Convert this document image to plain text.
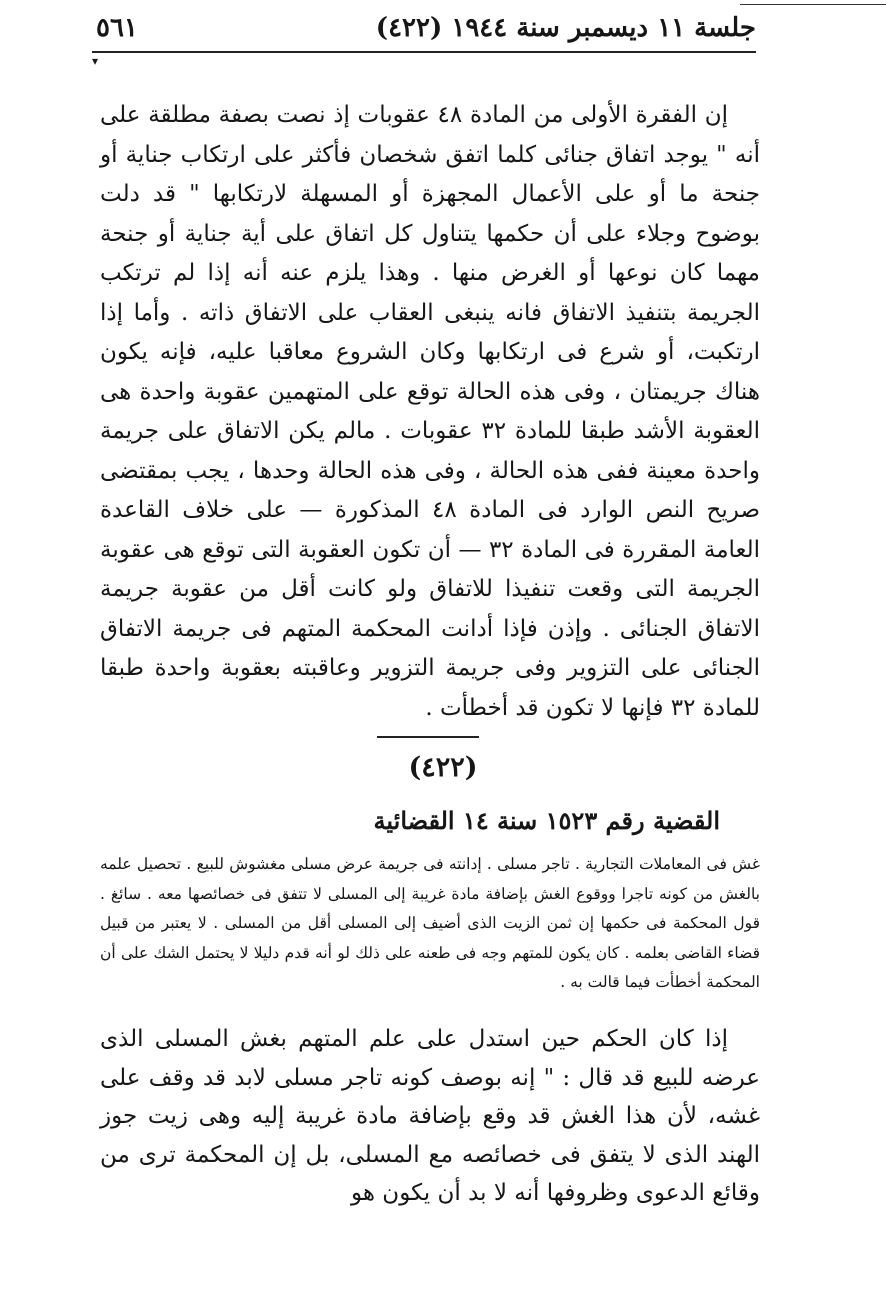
جلسة ١١ ديسمبر سنة ١٩٤٤ (٤٢٢)
٥٦١
▾

إن الفقرة الأولى من المادة ٤٨ عقوبات إذ نصت بصفة مطلقة على أنه " يوجد اتفاق جنائى كلما اتفق شخصان فأكثر على ارتكاب جناية أو جنحة ما أو على الأعمال المجهزة أو المسهلة لارتكابها " قد دلت بوضوح وجلاء على أن حكمها يتناول كل اتفاق على أية جناية أو جنحة مهما كان نوعها أو الغرض منها . وهذا يلزم عنه أنه إذا لم ترتكب الجريمة بتنفيذ الاتفاق فانه ينبغى العقاب على الاتفاق ذاته . وأما إذا ارتكبت، أو شرع فى ارتكابها وكان الشروع معاقبا عليه، فإنه يكون هناك جريمتان ، وفى هذه الحالة توقع على المتهمين عقوبة واحدة هى العقوبة الأشد طبقا للمادة ٣٢ عقوبات . مالم يكن الاتفاق على جريمة واحدة معينة ففى هذه الحالة ، وفى هذه الحالة وحدها ، يجب بمقتضى صريح النص الوارد فى المادة ٤٨ المذكورة — على خلاف القاعدة العامة المقررة فى المادة ٣٢ — أن تكون العقوبة التى توقع هى عقوبة الجريمة التى وقعت تنفيذا للاتفاق ولو كانت أقل من عقوبة جريمة الاتفاق الجنائى . وإذن فإذا أدانت المحكمة المتهم فى جريمة الاتفاق الجنائى على التزوير وفى جريمة التزوير وعاقبته بعقوبة واحدة طبقا للمادة ٣٢ فإنها لا تكون قد أخطأت .

(٤٢٢)
القضية رقم ١٥٢٣ سنة ١٤ القضائية

غش فى المعاملات التجارية . تاجر مسلى . إدانته فى جريمة عرض مسلى مغشوش للبيع . تحصيل علمه بالغش من كونه تاجرا ووقوع الغش بإضافة مادة غريبة إلى المسلى لا تتفق فى خصائصها معه . سائغ . قول المحكمة فى حكمها إن ثمن الزيت الذى أضيف إلى المسلى أقل من المسلى . لا يعتبر من قبيل قضاء القاضى بعلمه . كان يكون للمتهم وجه فى طعنه على ذلك لو أنه قدم دليلا لا يحتمل الشك على أن المحكمة أخطأت فيما قالت به .

إذا كان الحكم حين استدل على علم المتهم بغش المسلى الذى عرضه للبيع قد قال : " إنه بوصف كونه تاجر مسلى لابد قد وقف على غشه، لأن هذا الغش قد وقع بإضافة مادة غريبة إليه وهى زيت جوز الهند الذى لا يتفق فى خصائصه مع المسلى، بل إن المحكمة ترى من وقائع الدعوى وظروفها أنه لا بد أن يكون هو
